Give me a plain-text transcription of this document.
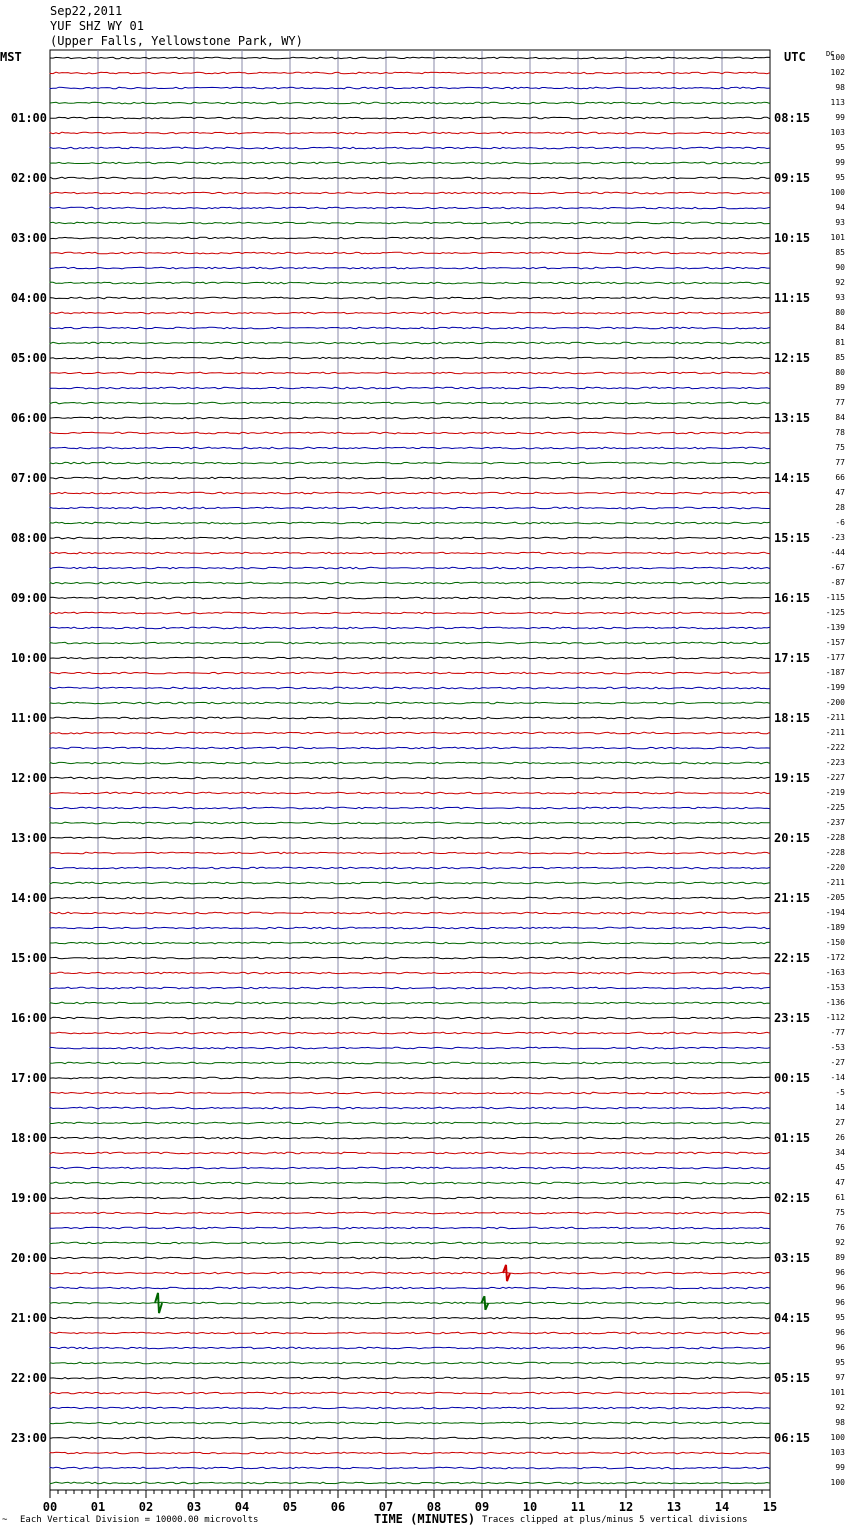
Sep22,2011
YUF SHZ WY 01
(Upper Falls, Yellowstone Park, WY)
MST	UTC
01:00
02:00
03:00
04:00
05:00
06:00
07:00
08:00
09:00
10:00
11:00
12:00
13:00
14:00
15:00
16:00
17:00
18:00
19:00
20:00
21:00
22:00
23:00
08:15
09:15
10:15
11:15
12:15
13:15
14:15
15:15
16:15
17:15
18:15
19:15
20:15
21:15
22:15
23:15
00:15
01:15
02:15
03:15
04:15
05:15
06:15
DC
100
102
98
113
99
103
95
99
95
100
94
93
101
85
90
92
93
80
84
81
85
80
89
77
84
78
75
77
66
47
28
-6
-23
-44
-67
-87
-115
-125
-139
-157
-177
-187
-199
-200
-211
-211
-222
-223
-227
-219
-225
-237
-228
-228
-220
-211
-205
-194
-189
-150
-172
-163
-153
-136
-112
-77
-53
-27
-14
-5
14
27
26
34
45
47
61
75
76
92
89
96
96
96
95
96
96
95
97
101
92
98
100
103
99
100
00	01	02	03	04	05	06	07	08	09	10	11	12	13	14	15
TIME (MINUTES)
~ Each Vertical Division = 10000.00 microvolts	Traces clipped at plus/minus 5 vertical divisions
